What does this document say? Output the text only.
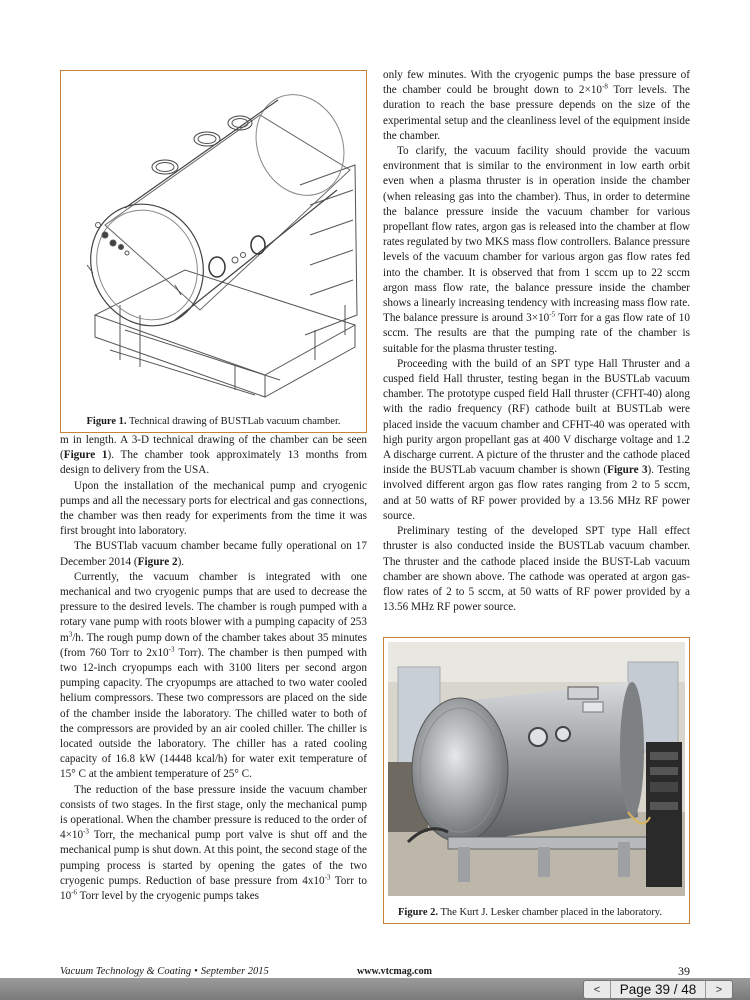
Figure 1. Technical drawing of BUSTLab vacuum chamber.

m in length. A 3-D technical drawing of the chamber can be seen (Figure 1). The chamber took approximately 13 months from design to delivery from the USA.

Upon the installation of the mechanical pump and cryogenic pumps and all the necessary ports for electrical and gas connections, the chamber was then ready for experiments from the time it was first brought into laboratory.

The BUSTlab vacuum chamber became fully operational on 17 December 2014 (Figure 2).

Currently, the vacuum chamber is integrated with one mechanical and two cryogenic pumps that are used to decrease the pressure to the desired levels. The chamber is rough pumped with a rotary vane pump with roots blower with a pumping capacity of 253 $m^3/h$. The rough pump down of the chamber takes about 35 minutes (from 760 Torr to $2x10^{-3}$ Torr). The chamber is then pumped with two 12-inch cryopumps each with 3100 liters per second argon pumping capacity. The cryopumps are attached to two water cooled helium compressors. These two compressors are placed on the side of the chamber inside the laboratory. The chilled water to both of the compressors are provided by an air cooled chiller. The chiller is located outside the laboratory. The chiller has a rated cooling capacity of 16.8 kW (14448 kcal/h) for water exit temperature of 15° C at the ambient temperature of 25° C.

The reduction of the base pressure inside the vacuum chamber consists of two stages. In the first stage, only the mechanical pump is operational. When the chamber pressure is reduced to the order of $4\times 10^{-3}$ Torr, the mechanical pump port valve is shut off and the mechanical pump is shut down. At this point, the second stage of the pumping process is started by opening the gates of the two cryogenic pumps. Reduction of base pressure from $4x10^{-3}$ Torr to $10^{-6}$ Torr level by the cryogenic pumps takes

only few minutes. With the cryogenic pumps the base pressure of the chamber could be brought down to $2\times 10^{-8}$ Torr levels. The duration to reach the base pressure depends on the size of the experimental setup and the cleanliness level of the equipment inside the chamber.

To clarify, the vacuum facility should provide the vacuum environment that is similar to the environment in low earth orbit even when a plasma thruster is in operation inside the chamber (when releasing gas into the chamber). Thus, in order to determine the balance pressure inside the vacuum chamber for various propellant flow rates, argon gas is released into the chamber at flow rates regulated by two MKS mass flow controllers. Balance pressure levels of the vacuum chamber for various argon gas flow rates fed into the chamber. It is observed that from 1 sccm up to 22 sccm argon mass flow rate, the balance pressure inside the chamber shows a linearly increasing tendency with increasing mass flow rate. The balance pressure is around $3\times 10^{-5}$ Torr for a gas flow rate of 10 sccm. The results are that the pumping rate of the chamber is suitable for the plasma thruster testing.

Proceeding with the build of an SPT type Hall Thruster and a cusped field Hall thruster, testing began in the BUSTLab vacuum chamber. The prototype cusped field Hall thruster (CFHT-40) along with the radio frequency (RF) cathode built at BUSTLab were placed inside the vacuum chamber and CFHT-40 was operated with high purity argon propellant gas at 400 V discharge voltage and 1.2 A discharge current. A picture of the thruster and the cathode placed inside the BUSTLab vacuum chamber is shown (Figure 3). Testing involved different argon gas flow rates ranging from 2 to 5 sccm, and at 50 watts of RF power provided by a 13.56 MHz RF power source.

Preliminary testing of the developed SPT type Hall effect thruster is also conducted inside the BUSTLab vacuum chamber. The thruster and the cathode placed inside the BUST-Lab vacuum chamber are shown above. The cathode was operated at argon gas-flow rates of 2 to 5 sccm, at 50 watts of RF power provided by a 13.56 MHz RF power source.

Figure 2. The Kurt J. Lesker chamber placed in the laboratory.
Vacuum Technology & Coating • September 2015	www.vtcmag.com	39
<	Page 39 / 48	>
